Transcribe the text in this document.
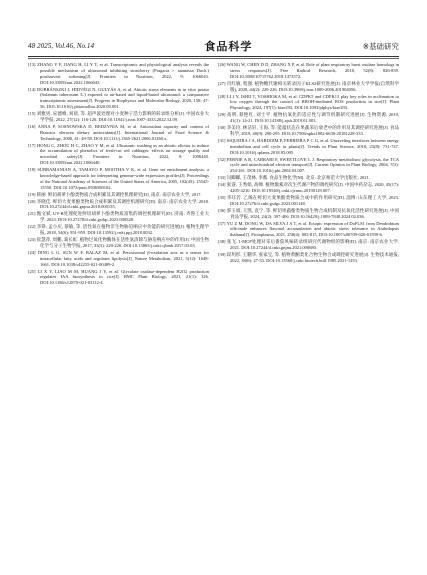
48 2025, Vol.46, No.14	食品科学	※基础研究

[13] ZHANG Y F, JIANG H, LI Y T, et al. Transcriptomic and physiological analysis reveals the possible mechanism of ultrasound inhibiting strawberry (Fragaria × ananassa Duch.) postharvest softening[J]. Frontiers in Nutrition, 2022, 9: 1066043. DOI:10.3389/fnut.2022.1066043.

[14] DOBRÁNSZKI J, HIDVÉGI N, GULYÁS A, et al. Abiotic stress elements in in vitro potato (Solanum tuberosum L.) exposed to air-based and liquid-based ultrasound: a comparative transcriptomic assessment[J]. Progress in Biophysics and Molecular Biology, 2020, 158: 47-56. DOI:10.1016/j.pbiomolbio.2020.09.001.

[15] 刘雅男, 宋德峰, 刘晨, 等. 超声波处理对小麦种子活力影响的转录组分析[J]. 中国农业大学学报, 2022, 27(12): 116-126. DOI:10.11841/j.issn.1007-4333.2022.12.09.

[16] ANNA P, SOSNOWSKA D, REDZYNIA M, et al. Antioxidant capacity and content of Brassica oleracea dietary antioxidants[J]. International Journal of Food Science & Technology, 2006, 41: 49-58. DOI:10.1111/j.1365-2621.2006.01260.x.

[17] HONG C, ZHOU H C, ZHAO Y M, et al. Ultrasonic washing as an abiotic elicitor to induce the accumulation of phenolics of fresh-cut red cabbages: effects on storage quality and microbial safety[J]. Frontiers in Nutrition, 2022, 9: 1006440. DOI:10.3389/fnut.2022.1006440.

[18] SUBRAMANIAN A, TAMAYO P, MOOTHA V K, et al. Gene set enrichment analysis: a knowledge-based approach for interpreting genome-wide expression profiles[J]. Proceedings of the National Academy of Sciences of the United States of America, 2005, 102(43): 15545-15550. DOI:10.1073/pnas.0506580102.

[19] 韩丽. 鲜切胡萝卜酚类物质合成积累及其调控机理研究[D]. 南京: 南京农业大学, 2017.

[20] 李晓佳. 鲜切大麦果酚类物质合成积累及其调控机理研究[D]. 南京: 南京农业大学, 2018. DOI:10.27244/d.cnki.gnjnu.2018.000155.

[21] 甄文斌. UV-B处理促进鲜切胡萝卜酚类物质富集的调控机理研究[D]. 济南: 齐鲁工业大学, 2023. DOI:10.27278/d.cnki.gsdqc.2023.000528.

[22] 李铮, 孟小庆, 蔡敏, 等. 活性氧在植物非生物胁迫响应中功能的研究进展[J]. 植物生理学报, 2018, 54(6): 951-959. DOI:10.13592/j.cnki.ppj.2018.0032.

[23] 崔慧萍, 周鹏, 葛长虹. 植物过氧化物酶体在活性氧清除与胁迫响应中的作用[J]. 中国生物化学与分子生物学报, 2017, 33(3): 220-226. DOI:10.13865/j.cnki.cjbmb.2017.03.03.

[24] DING L G, SUN W F, BALAZ M, et al. Peroxisomal β-oxidation acts as a sensor for intracellular fatty acids and regulates lipolysis[J]. Nature Metabolism, 2021, 5(12): 1648-1661. DOI:10.1038/s42255-021-00489-2.

[25] LI X Y, LIAO M M, HUANG J Y, et al. Glycolate oxidase-dependent H2O2 production regulates IAA biosynthesis in rice[J]. BMC Plant Biology, 2021, 21(1): 326. DOI:10.1186/s12870-021-03112-4.

[26] WANG W, CHEN D D, ZHANG X P, et al. Role of plant respiratory burst oxidase homologs in stress responses[J]. Free Radical Research, 2018, 52(8): 826-839. DOI:10.1080/10715762.2018.1473572.

[27] 肖红敏, 程强. 植物糖代谢相关转录因子KLS2研究进展[J]. 南京林业大学学报(自然科学版), 2020, 44(2): 220-226. DOI:10.3969/j.issn.1000-2006.201904056.

[28] LI J Y, ISHII T, YOSHIOKA M, et al. CDPK5 and CDPK13 play key roles in acclimation to low oxygen through the control of RBOH-mediated ROS production in rice[J]. Plant Physiology, 2024, 197(1): kiae293. DOI:10.1093/plphys/kiae293.

[29] 高明, 蔡艳红, 刘士平. 植物抗氧化的适应性与调节机制研究进展[J]. 生物资源, 2019, 41(1): 14-21. DOI:10.14188/j.ajsh.2019.01.003.

[30] 李美玲, 林洁轩, 王海, 等. 能量状态在果蔬采后衰老中的作用及其调控研究进展[J]. 食品科学, 2019, 40(9): 290-295. DOI:10.7506/spkx1002-6630-20181228-333.

[31] SIQUEIRA J A, HARDOIM P, FERREIRA P C G, et al. Unraveling interfaces between energy metabolism and cell cycle in plants[J]. Trends in Plant Science, 2018, 23(8): 731-747. DOI:10.1016/j.tplants.2018.05.005.

[32] FERNIE A R, CARRARI F, SWEETLOVE L J. Respiratory metabolism: glycolysis, the TCA cycle and mitochondrial electron transport[J]. Current Opinion in Plant Biology, 2004, 7(3): 254-261. DOI:10.1016/j.pbi.2004.03.007.

[33] 闫卿卿, 王茂林, 李薇. 食品生物化学[M]. 北京: 北京师范大学出版社, 2021.

[34] 张睿, 王秀娟, 高峰. 植物激素对次生代谢产物的调控研究[J]. 中国中药杂志, 2020, 45(17): 4205-4210. DOI:10.19540/j.cnki.cjcmm.20190129.007.

[35] 李珏若. 乙烯在鲜切大麦果酚类物质合成中的作用研究[D]. 淄博: 山东理工大学, 2023. DOI:10.27276/d.cnki.gsdgc.2023.001148.

[36] 郭玉娟, 王凯, 袁宁, 等. 鲜切果蔬酚类物质生物合成机制及抗氧化活性研究进展[J]. 中国食品学报, 2024, 24(2): 397-406. DOI:10.16429/j.1009-7848.2024.02.036.

[37] YU Z M, DONG W, DA SILVA J A T, et al. Ectopic expression of DoFLS1 from Dendrobium officinale enhances flavonol accumulation and abiotic stress tolerance in Arabidopsis thaliana[J]. Protoplasma, 2021, 258(4): 803-815. DOI:10.1007/s00709-020-01599-6.

[38] 张飞. 1-MCP处理对采后番茄风味转录组研究代谢物组的影响[D]. 南京: 南京农业大学, 2021. DOI:10.27244/d.cnki.gnjnu.2021.000680.

[39] 段玥彤, 王鹏华, 张家宝, 等. 植物黄酮类化合物生物合成调控研究进展[J]. 生物技术通报, 2022, 38(6): 27-33. DOI:10.13560/j.cnki.biotech.bull.1985.2021-1253.
